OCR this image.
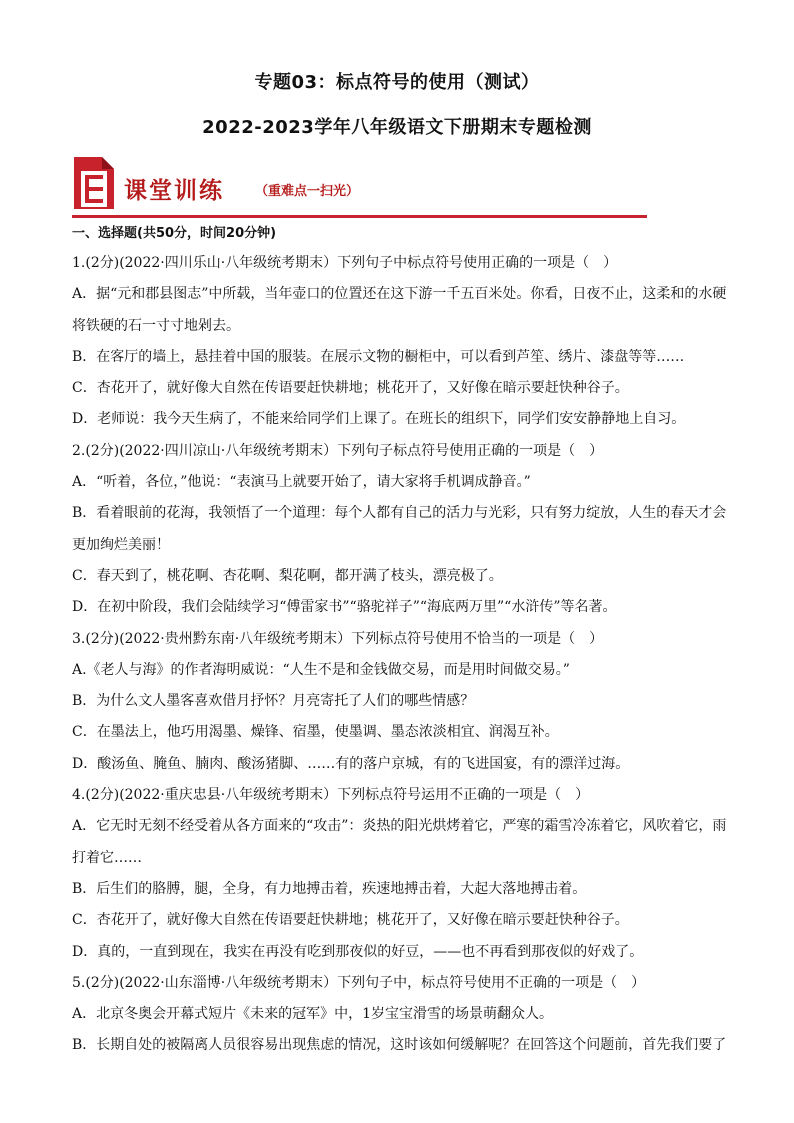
专题03：标点符号的使用（测试）
2022-2023学年八年级语文下册期末专题检测
课堂训练 （重难点一扫光）
一、选择题(共50分，时间20分钟)
1.(2分)(2022·四川乐山·八年级统考期末）下列句子中标点符号使用正确的一项是（　）
A．据“元和郡县图志”中所载，当年壶口的位置还在这下游一千五百米处。你看，日夜不止，这柔和的水硬
将铁硬的石一寸寸地剁去。
B．在客厅的墙上，悬挂着中国的服装。在展示文物的橱柜中，可以看到芦笙、绣片、漆盘等等……
C．杏花开了，就好像大自然在传语要赶快耕地；桃花开了，又好像在暗示要赶快种谷子。
D．老师说：我今天生病了，不能来给同学们上课了。在班长的组织下，同学们安安静静地上自习。
2.(2分)(2022·四川凉山·八年级统考期末）下列句子标点符号使用正确的一项是（　）
A．“听着，各位，”他说：“表演马上就要开始了，请大家将手机调成静音。”
B．看着眼前的花海，我领悟了一个道理：每个人都有自己的活力与光彩，只有努力绽放，人生的春天才会
更加绚烂美丽！
C．春天到了，桃花啊、杏花啊、梨花啊，都开满了枝头，漂亮极了。
D．在初中阶段，我们会陆续学习“傅雷家书”“骆驼祥子”“海底两万里”“水浒传”等名著。
3.(2分)(2022·贵州黔东南·八年级统考期末）下列标点符号使用不恰当的一项是（　）
A.《老人与海》的作者海明威说：“人生不是和金钱做交易，而是用时间做交易。”
B．为什么文人墨客喜欢借月抒怀？月亮寄托了人们的哪些情感？
C．在墨法上，他巧用渴墨、燥锋、宿墨，使墨调、墨态浓淡相宜、润渴互补。
D．酸汤鱼、腌鱼、腩肉、酸汤猪脚、……有的落户京城，有的飞进国宴，有的漂洋过海。
4.(2分)(2022·重庆忠县·八年级统考期末）下列标点符号运用不正确的一项是（　）
A．它无时无刻不经受着从各方面来的“攻击”：炎热的阳光烘烤着它，严寒的霜雪冷冻着它，风吹着它，雨
打着它……
B．后生们的胳膊，腿，全身，有力地搏击着，疾速地搏击着，大起大落地搏击着。
C．杏花开了，就好像大自然在传语要赶快耕地；桃花开了，又好像在暗示要赶快种谷子。
D．真的，一直到现在，我实在再没有吃到那夜似的好豆，——也不再看到那夜似的好戏了。
5.(2分)(2022·山东淄博·八年级统考期末）下列句子中，标点符号使用不正确的一项是（　）
A．北京冬奥会开幕式短片《未来的冠军》中，1岁宝宝滑雪的场景萌翻众人。
B．长期自处的被隔离人员很容易出现焦虑的情况，这时该如何缓解呢？在回答这个问题前，首先我们要了
